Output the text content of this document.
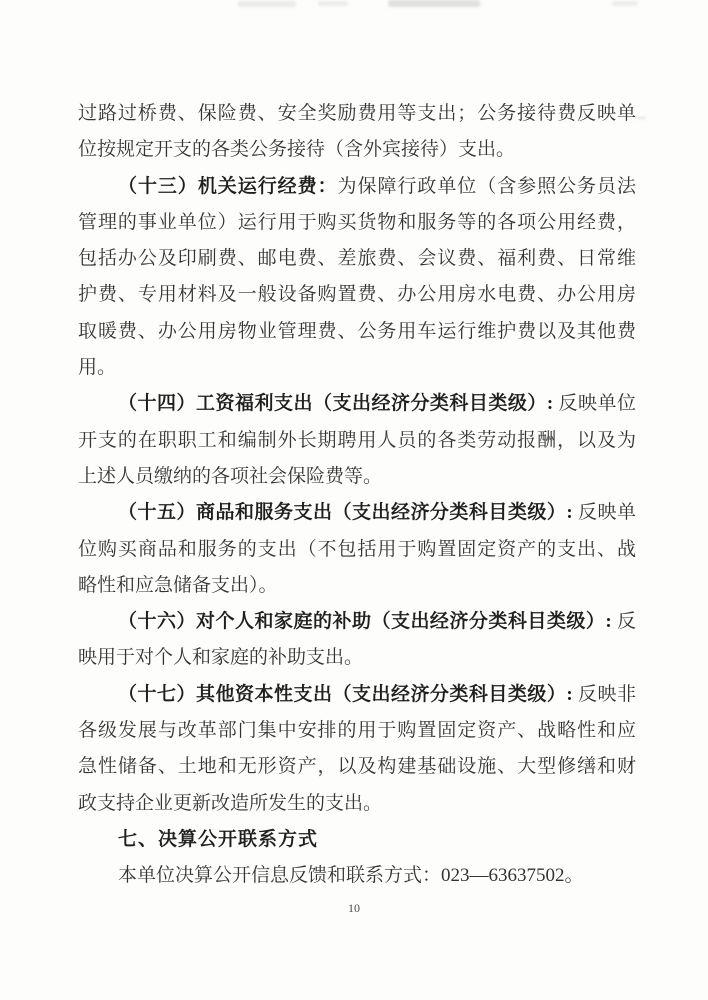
过路过桥费、保险费、安全奖励费用等支出；公务接待费反映单
位按规定开支的各类公务接待（含外宾接待）支出。
（十三）机关运行经费：为保障行政单位（含参照公务员法
管理的事业单位）运行用于购买货物和服务等的各项公用经费，
包括办公及印刷费、邮电费、差旅费、会议费、福利费、日常维
护费、专用材料及一般设备购置费、办公用房水电费、办公用房
取暖费、办公用房物业管理费、公务用车运行维护费以及其他费
用。
（十四）工资福利支出（支出经济分类科目类级）: 反映单位
开支的在职职工和编制外长期聘用人员的各类劳动报酬，以及为
上述人员缴纳的各项社会保险费等。
（十五）商品和服务支出（支出经济分类科目类级）: 反映单
位购买商品和服务的支出（不包括用于购置固定资产的支出、战
略性和应急储备支出）。
（十六）对个人和家庭的补助（支出经济分类科目类级）: 反
映用于对个人和家庭的补助支出。
（十七）其他资本性支出（支出经济分类科目类级）: 反映非
各级发展与改革部门集中安排的用于购置固定资产、战略性和应
急性储备、土地和无形资产，以及构建基础设施、大型修缮和财
政支持企业更新改造所发生的支出。
七、决算公开联系方式
本单位决算公开信息反馈和联系方式：023—63637502。
10
